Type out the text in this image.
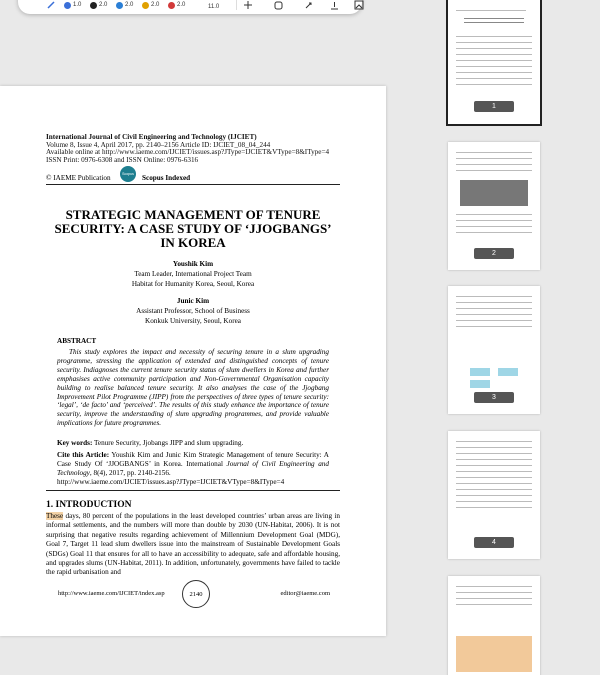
1.0	2.0	2.0	2.0	2.0	11.0
International Journal of Civil Engineering and Technology (IJCIET)
Volume 8, Issue 4, April 2017, pp. 2140–2156 Article ID: IJCIET_08_04_244
Available online at http://www.iaeme.com/IJCIET/issues.asp?JType=IJCIET&VType=8&IType=4
ISSN Print: 0976-6308 and ISSN Online: 0976-6316
© IAEME Publication	Scopus Scopus Indexed
STRATEGIC MANAGEMENT OF TENURE SECURITY: A CASE STUDY OF ‘JJOGBANGS’ IN KOREA
Youshik Kim
Team Leader, International Project Team
Habitat for Humanity Korea, Seoul, Korea
Junic Kim
Assistant Professor, School of Business
Konkuk University, Seoul, Korea
ABSTRACT
This study explores the impact and necessity of securing tenure in a slum upgrading programme, stressing the application of extended and distinguished concepts of tenure security. Indiagnoses the current tenure security status of slum dwellers in Korea and further emphasises active community participation and Non-Governmental Organisation capacity building to realise balanced tenure security. It also analyses the case of the Jjogbang Improvement Pilot Programme (JIPP) from the perspectives of three types of tenure security: ‘legal’, ‘de facto’ and ‘perceived’. The results of this study enhance the importance of tenure security, improve the understanding of slum upgrading programmes, and provide valuable implications for future programmes.
Key words: Tenure Security, Jjobangs JIPP and slum upgrading.
Cite this Article: Youshik Kim and Junic Kim Strategic Management of tenure Security: A Case Study Of ‘JJOGBANGS’ in Korea. International Journal of Civil Engineering and Technology, 8(4), 2017, pp. 2140-2156.
http://www.iaeme.com/IJCIET/issues.asp?JType=IJCIET&VType=8&IType=4
1. INTRODUCTION
These days, 80 percent of the populations in the least developed countries’ urban areas are living in informal settlements, and the numbers will more than double by 2030 (UN-Habitat, 2006). It is not surprising that negative results regarding achievement of Millennium Development Goal (MDG), Goal 7, Target 11 lead slum dwellers issue into the mainstream of Sustainable Development Goals (SDGs) Goal 11 that ensures for all to have an accessibility to adequate, safe and affordable housing, and upgrades slums (UN-Habitat, 2011). In addition, unfortunately, governments have failed to tackle the rapid urbanisation and
http://www.iaeme.com/IJCIET/index.asp	2140	editor@iaeme.com
1
2
3
4
